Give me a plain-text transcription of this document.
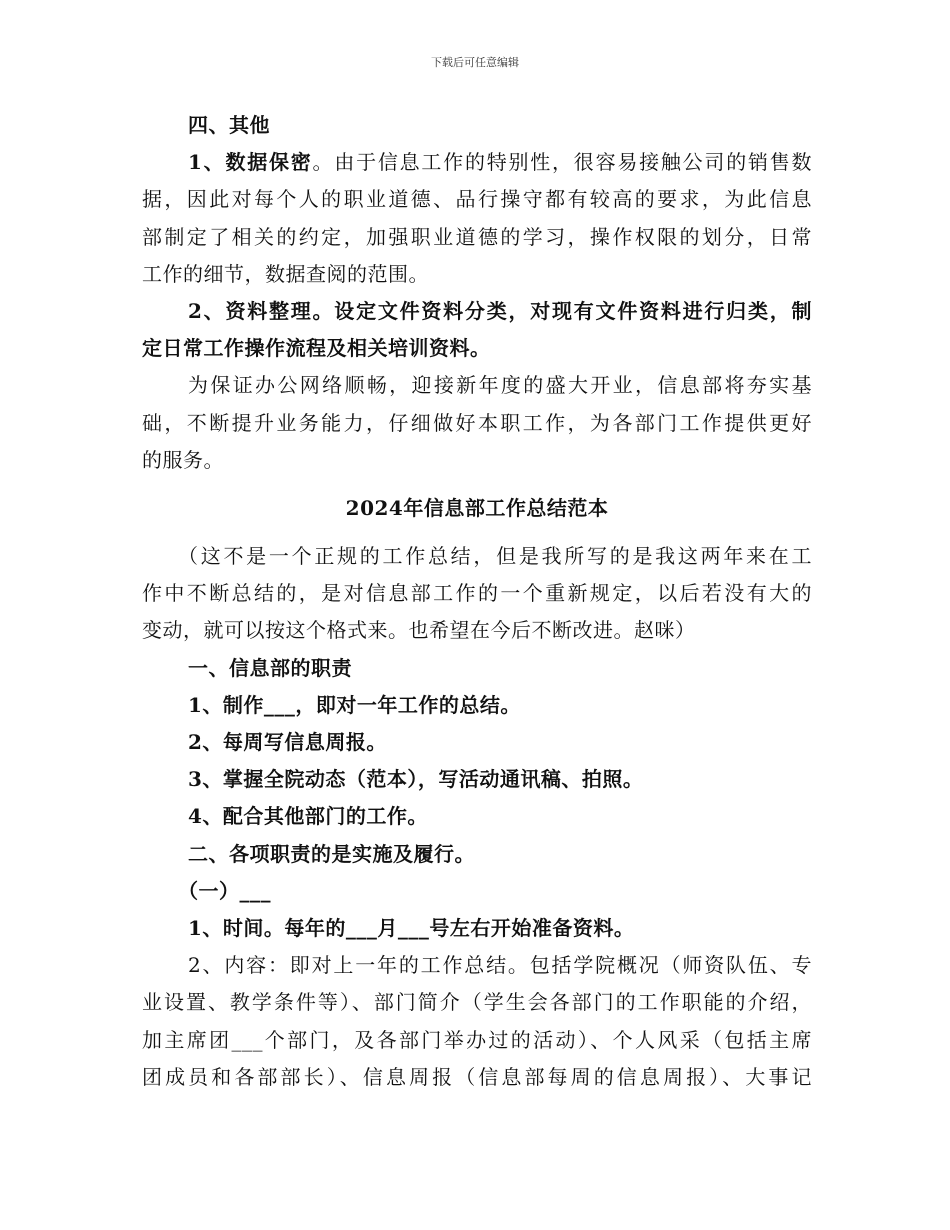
下载后可任意编辑
四、其他
1、数据保密。由于信息工作的特别性，很容易接触公司的销售数
据，因此对每个人的职业道德、品行操守都有较高的要求，为此信息
部制定了相关的约定，加强职业道德的学习，操作权限的划分，日常
工作的细节，数据查阅的范围。
2、资料整理。设定文件资料分类，对现有文件资料进行归类，制
定日常工作操作流程及相关培训资料。
为保证办公网络顺畅，迎接新年度的盛大开业，信息部将夯实基
础，不断提升业务能力，仔细做好本职工作，为各部门工作提供更好
的服务。
2024年信息部工作总结范本
（这不是一个正规的工作总结，但是我所写的是我这两年来在工
作中不断总结的，是对信息部工作的一个重新规定，以后若没有大的
变动，就可以按这个格式来。也希望在今后不断改进。赵咪）
一、信息部的职责
1、制作___，即对一年工作的总结。
2、每周写信息周报。
3、掌握全院动态（范本），写活动通讯稿、拍照。
4、配合其他部门的工作。
二、各项职责的是实施及履行。
（一）___
1、时间。每年的___月___号左右开始准备资料。
2、内容：即对上一年的工作总结。包括学院概况（师资队伍、专
业设置、教学条件等）、部门简介（学生会各部门的工作职能的介绍，
加主席团___个部门，及各部门举办过的活动）、个人风采（包括主席
团成员和各部部长）、信息周报（信息部每周的信息周报）、大事记
